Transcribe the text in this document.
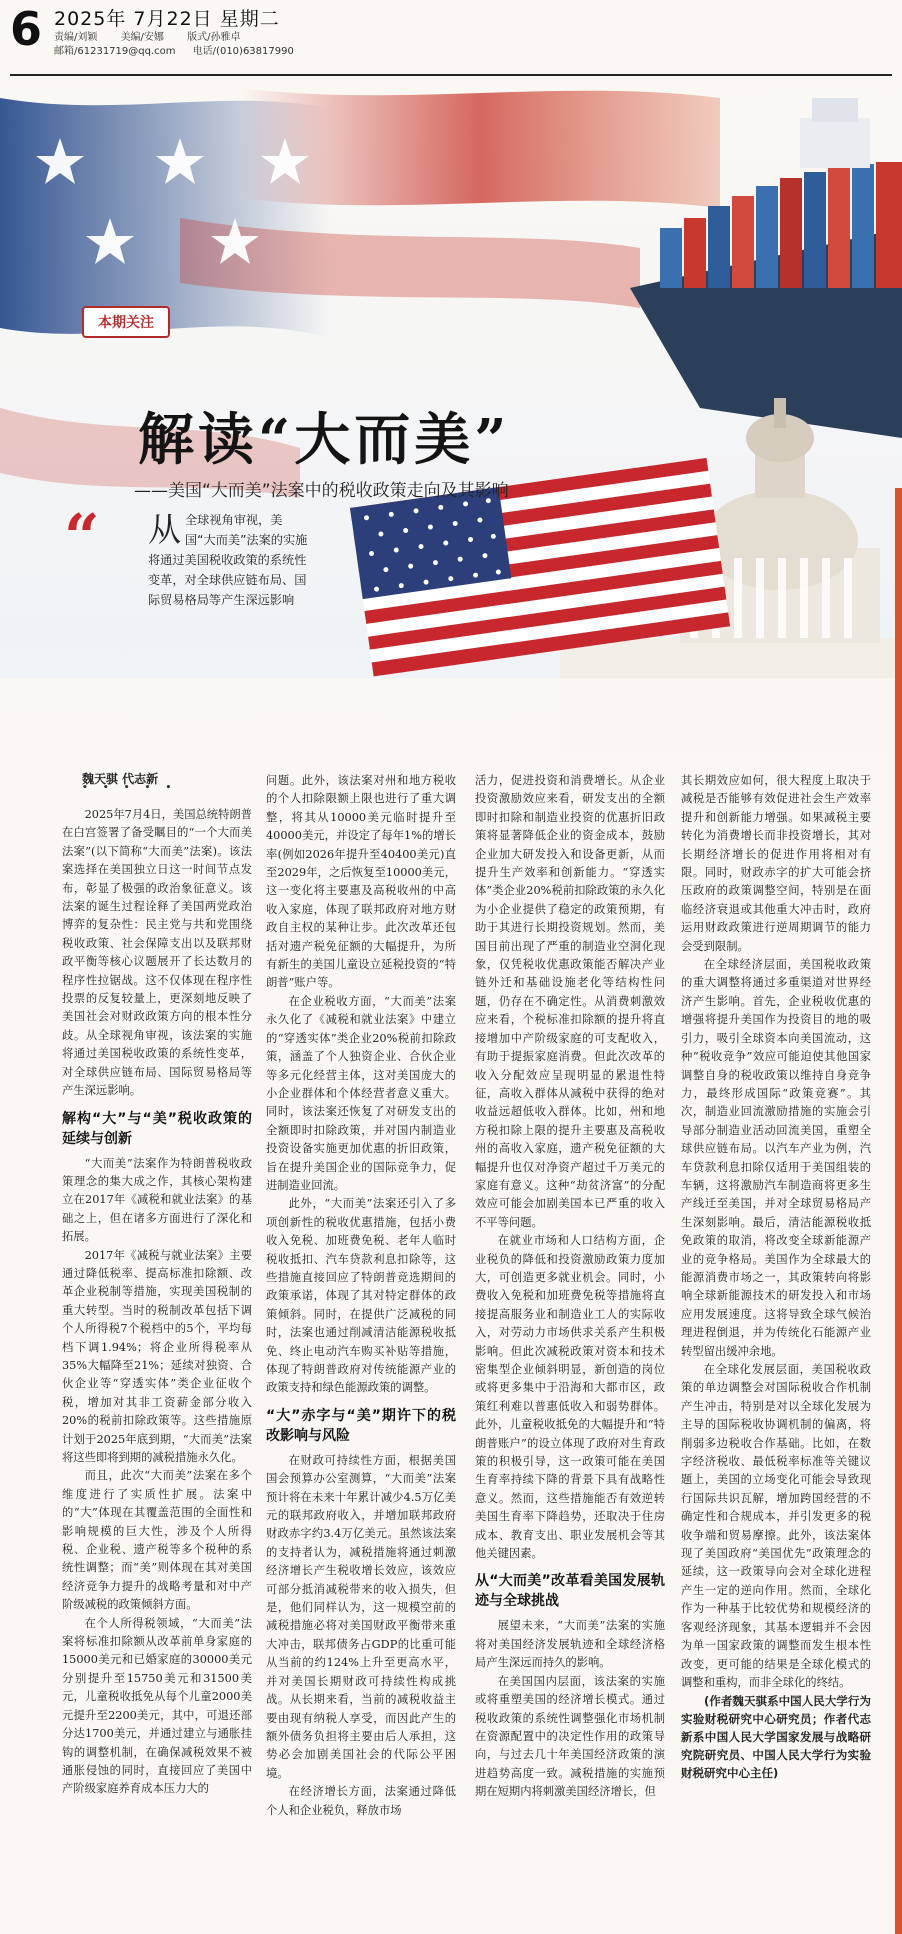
6 2025年 7月22日 星期二
责编/刘颖 美编/安娜 版式/孙雅卓
邮箱/61231719@qq.com 电话/(010)63817990
本期关注
解读“大而美”
——美国“大而美”法案中的税收政策走向及其影响
“ 从全球视角审视，美国“大而美”法案的实施将通过美国税收政策的系统性变革，对全球供应链布局、国际贸易格局等产生深远影响
魏天骐 代志新
• • • • •

2025年7月4日，美国总统特朗普在白宫签署了备受瞩目的“一个大而美法案”(以下简称“大而美”法案)。该法案选择在美国独立日这一时间节点发布，彰显了极强的政治象征意义。该法案的诞生过程诠释了美国两党政治博弈的复杂性：民主党与共和党围绕税收政策、社会保障支出以及联邦财政平衡等核心议题展开了长达数月的程序性拉锯战。这不仅体现在程序性投票的反复较量上，更深刻地反映了美国社会对财政政策方向的根本性分歧。从全球视角审视，该法案的实施将通过美国税收政策的系统性变革，对全球供应链布局、国际贸易格局等产生深远影响。

解构“大”与“美”税收政策的延续与创新

“大而美”法案作为特朗普税收政策理念的集大成之作，其核心架构建立在2017年《减税和就业法案》的基础之上，但在诸多方面进行了深化和拓展。

2017年《减税与就业法案》主要通过降低税率、提高标准扣除额、改革企业税制等措施，实现美国税制的重大转型。当时的税制改革包括下调个人所得税7个税档中的5个，平均每档下调1.94%；将企业所得税率从35%大幅降至21%；延续对独资、合伙企业等“穿透实体”类企业征收个税，增加对其非工资薪金部分收入20%的税前扣除政策等。这些措施原计划于2025年底到期，“大而美”法案将这些即将到期的减税措施永久化。

而且，此次“大而美”法案在多个维度进行了实质性扩展。法案中的“大”体现在其覆盖范围的全面性和影响规模的巨大性，涉及个人所得税、企业税、遗产税等多个税种的系统性调整；而“美”则体现在其对美国经济竞争力提升的战略考量和对中产阶级减税的政策倾斜方面。

在个人所得税领域，“大而美”法案将标准扣除额从改革前单身家庭的15000美元和已婚家庭的30000美元分别提升至15750美元和31500美元，儿童税收抵免从每个儿童2000美元提升至2200美元，其中，可退还部分达1700美元，并通过建立与通胀挂钩的调整机制，在确保减税效果不被通胀侵蚀的同时，直接回应了美国中产阶级家庭养育成本压力大的

问题。此外，该法案对州和地方税收的个人扣除限额上限也进行了重大调整，将其从10000美元临时提升至40000美元，并设定了每年1%的增长率(例如2026年提升至40400美元)直至2029年，之后恢复至10000美元，这一变化将主要惠及高税收州的中高收入家庭，体现了联邦政府对地方财政自主权的某种让步。此次改革还包括对遗产税免征额的大幅提升，为所有新生的美国儿童设立延税投资的“特朗普”账户等。

在企业税收方面，“大而美”法案永久化了《减税和就业法案》中建立的“穿透实体”类企业20%税前扣除政策，涵盖了个人独资企业、合伙企业等多元化经营主体，这对美国庞大的小企业群体和个体经营者意义重大。同时，该法案还恢复了对研发支出的全额即时扣除政策，并对国内制造业投资设备实施更加优惠的折旧政策，旨在提升美国企业的国际竞争力，促进制造业回流。

此外，“大而美”法案还引入了多项创新性的税收优惠措施，包括小费收入免税、加班费免税、老年人临时税收抵扣、汽车贷款利息扣除等，这些措施直接回应了特朗普竞选期间的政策承诺，体现了其对特定群体的政策倾斜。同时，在提供广泛减税的同时，法案也通过削减清洁能源税收抵免、终止电动汽车购买补贴等措施，体现了特朗普政府对传统能源产业的政策支持和绿色能源政策的调整。

“大”赤字与“美”期许下的税改影响与风险

在财政可持续性方面，根据美国国会预算办公室测算，“大而美”法案预计将在未来十年累计减少4.5万亿美元的联邦政府收入，并增加联邦政府财政赤字约3.4万亿美元。虽然该法案的支持者认为，减税措施将通过刺激经济增长产生税收增长效应，该效应可部分抵消减税带来的收入损失，但是，他们同样认为，这一规模空前的减税措施必将对美国财政平衡带来重大冲击，联邦债务占GDP的比重可能从当前的约124%上升至更高水平，并对美国长期财政可持续性构成挑战。从长期来看，当前的减税收益主要由现有纳税人享受，而因此产生的额外债务负担将主要由后人承担，这势必会加剧美国社会的代际公平困境。

在经济增长方面，法案通过降低个人和企业税负，释放市场

活力，促进投资和消费增长。从企业投资激励效应来看，研发支出的全额即时扣除和制造业投资的优惠折旧政策将显著降低企业的资金成本，鼓励企业加大研发投入和设备更新，从而提升生产效率和创新能力。“穿透实体”类企业20%税前扣除政策的永久化为小企业提供了稳定的政策预期，有助于其进行长期投资规划。然而，美国目前出现了严重的制造业空洞化现象，仅凭税收优惠政策能否解决产业链外迁和基础设施老化等结构性问题，仍存在不确定性。从消费刺激效应来看，个税标准扣除额的提升将直接增加中产阶级家庭的可支配收入，有助于提振家庭消费。但此次改革的收入分配效应呈现明显的累退性特征，高收入群体从减税中获得的绝对收益远超低收入群体。比如，州和地方税扣除上限的提升主要惠及高税收州的高收入家庭，遗产税免征额的大幅提升也仅对净资产超过千万美元的家庭有意义。这种“劫贫济富”的分配效应可能会加剧美国本已严重的收入不平等问题。

在就业市场和人口结构方面，企业税负的降低和投资激励政策力度加大，可创造更多就业机会。同时，小费收入免税和加班费免税等措施将直接提高服务业和制造业工人的实际收入，对劳动力市场供求关系产生积极影响。但此次减税政策对资本和技术密集型企业倾斜明显，新创造的岗位或将更多集中于沿海和大都市区，政策红利难以普惠低收入和弱势群体。此外，儿童税收抵免的大幅提升和“特朗普账户”的设立体现了政府对生育政策的积极引导，这一政策可能在美国生育率持续下降的背景下具有战略性意义。然而，这些措施能否有效逆转美国生育率下降趋势，还取决于住房成本、教育支出、职业发展机会等其他关键因素。

从“大而美”改革看美国发展轨迹与全球挑战

展望未来，“大而美”法案的实施将对美国经济发展轨迹和全球经济格局产生深远而持久的影响。

在美国国内层面，该法案的实施或将重塑美国的经济增长模式。通过税收政策的系统性调整强化市场机制在资源配置中的决定性作用的政策导向，与过去几十年美国经济政策的演进趋势高度一致。减税措施的实施预期在短期内将刺激美国经济增长，但

其长期效应如何，很大程度上取决于减税是否能够有效促进社会生产效率提升和创新能力增强。如果减税主要转化为消费增长而非投资增长，其对长期经济增长的促进作用将相对有限。同时，财政赤字的扩大可能会挤压政府的政策调整空间，特别是在面临经济衰退或其他重大冲击时，政府运用财政政策进行逆周期调节的能力会受到限制。

在全球经济层面，美国税收政策的重大调整将通过多重渠道对世界经济产生影响。首先，企业税收优惠的增强将提升美国作为投资目的地的吸引力，吸引全球资本向美国流动，这种“税收竞争”效应可能迫使其他国家调整自身的税收政策以维持自身竞争力，最终形成国际“政策竞赛”。其次，制造业回流激励措施的实施会引导部分制造业活动回流美国，重塑全球供应链布局。以汽车产业为例，汽车贷款利息扣除仅适用于美国组装的车辆，这将激励汽车制造商将更多生产线迁至美国，并对全球贸易格局产生深刻影响。最后，清洁能源税收抵免政策的取消，将改变全球新能源产业的竞争格局。美国作为全球最大的能源消费市场之一，其政策转向将影响全球新能源技术的研发投入和市场应用发展速度。这将导致全球气候治理进程倒退，并为传统化石能源产业转型留出缓冲余地。

在全球化发展层面，美国税收政策的单边调整会对国际税收合作机制产生冲击，特别是对以全球化发展为主导的国际税收协调机制的偏离，将削弱多边税收合作基础。比如，在数字经济税收、最低税率标准等关键议题上，美国的立场变化可能会导致现行国际共识瓦解，增加跨国经营的不确定性和合规成本，并引发更多的税收争端和贸易摩擦。此外，该法案体现了美国政府“美国优先”政策理念的延续，这一政策导向会对全球化进程产生一定的逆向作用。然而，全球化作为一种基于比较优势和规模经济的客观经济现象，其基本逻辑并不会因为单一国家政策的调整而发生根本性改变，更可能的结果是全球化模式的调整和重构，而非全球化的终结。

(作者魏天骐系中国人民大学行为实验财税研究中心研究员；作者代志新系中国人民大学国家发展与战略研究院研究员、中国人民大学行为实验财税研究中心主任)
